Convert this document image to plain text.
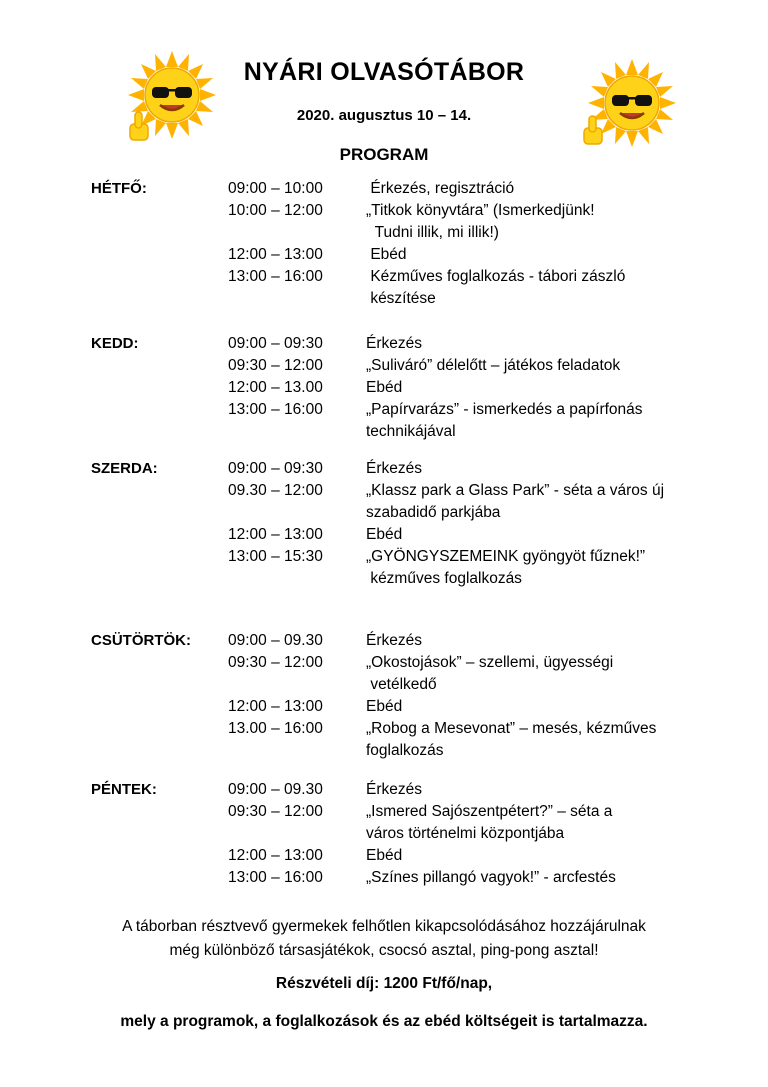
NYÁRI OLVASÓTÁBOR
2020. augusztus 10 – 14.
PROGRAM
HÉTFŐ:	09:00 – 10:00	Érkezés, regisztráció
10:00 – 12:00	„Titkok könyvtára” (Ismerkedjünk!
Tudni illik, mi illik!)
12:00 – 13:00	Ebéd
13:00 – 16:00	Kézműves foglalkozás - tábori zászló
készítése
KEDD:	09:00 – 09:30	Érkezés
09:30 – 12:00	„Suliváró” délelőtt – játékos feladatok
12:00 – 13.00	Ebéd
13:00 – 16:00	„Papírvarázs” - ismerkedés a papírfonás
technikájával
SZERDA:	09:00 – 09:30	Érkezés
09.30 – 12:00	„Klassz park a Glass Park” - séta a város új
szabadidő parkjába
12:00 – 13:00	Ebéd
13:00 – 15:30	„GYÖNGYSZEMEINK gyöngyöt fűznek!”
kézműves foglalkozás
CSÜTÖRTÖK: 09:00 – 09.30	Érkezés
09:30 – 12:00	„Okostojások” – szellemi, ügyességi
vetélkedő
12:00 – 13:00	Ebéd
13.00 – 16:00	„Robog a Mesevonat” – mesés, kézműves
foglalkozás
PÉNTEK:	09:00 – 09.30	Érkezés
09:30 – 12:00	„Ismered Sajószentpétert?” – séta a
város történelmi központjába
12:00 – 13:00	Ebéd
13:00 – 16:00	„Színes pillangó vagyok!” - arcfestés
A táborban résztvevő gyermekek felhőtlen kikapcsolódásához hozzájárulnak
még különböző társasjátékok, csocsó asztal, ping-pong asztal!
Részvételi díj: 1200 Ft/fő/nap,
mely a programok, a foglalkozások és az ebéd költségeit is tartalmazza.
